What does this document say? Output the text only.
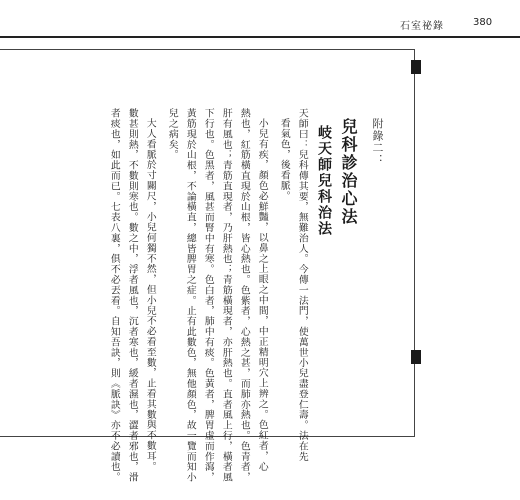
石室祕錄	380
附錄二：
兒科診治心法
岐天師兒科治法
天師曰：兒科傳其要，無難治人。今傳一法門，使萬世小兒盡登仁壽。法在先
看氣色，後看脈。
小兒有疾，顏色必鮮豔，以鼻之上眼之中間，中正精明穴上辨之。色紅者，心
熱也，紅筋橫直現於山根，皆心熱也。色紫者，心熱之甚，而肺亦熱也。色青者，
肝有風也；青筋直現者，乃肝熱也；青筋橫現者，亦肝熱也。直者風上行，橫者風
下行也。色黑者，風甚而腎中有寒。色白者，肺中有痰。色黃者，脾胃虛而作瀉，
黃筋現於山根，不論橫直，總皆脾胃之症。止有此數色，無他顏色，故一覽而知小
兒之病矣。
大人看脈於寸關尺，小兒何獨不然，但小兒不必看至數，止看其數與不數耳。
數甚則熱，不數則寒也。數之中，浮者風也，沉者寒也，緩者濕也，澀者邪也，滑
者痰也，如此而已。七表八裏，俱不必丟看。自知吾訣，則《脈訣》亦不必讀也。
